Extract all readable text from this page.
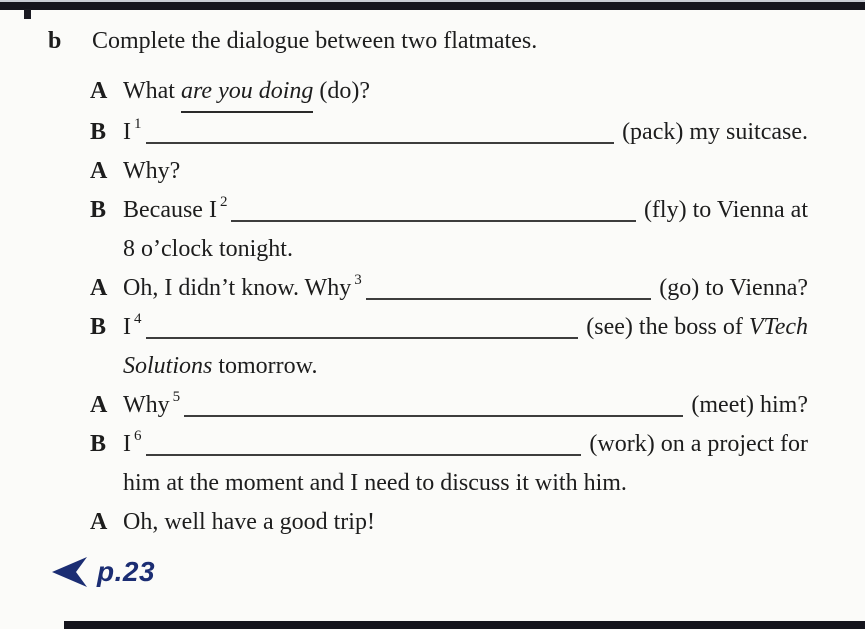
b	Complete the dialogue between two flatmates.
A What are you doing (do)?
B I 1	(pack) my suitcase.
A Why?
B Because I 2	(fly) to Vienna at
8 o’clock tonight.
A Oh, I didn’t know. Why 3	(go) to Vienna?
B I 4	(see) the boss of VTech
Solutions tomorrow.
A Why 5	(meet) him?
B I 6	(work) on a project for
him at the moment and I need to discuss it with him.
A Oh, well have a good trip!
p.23
